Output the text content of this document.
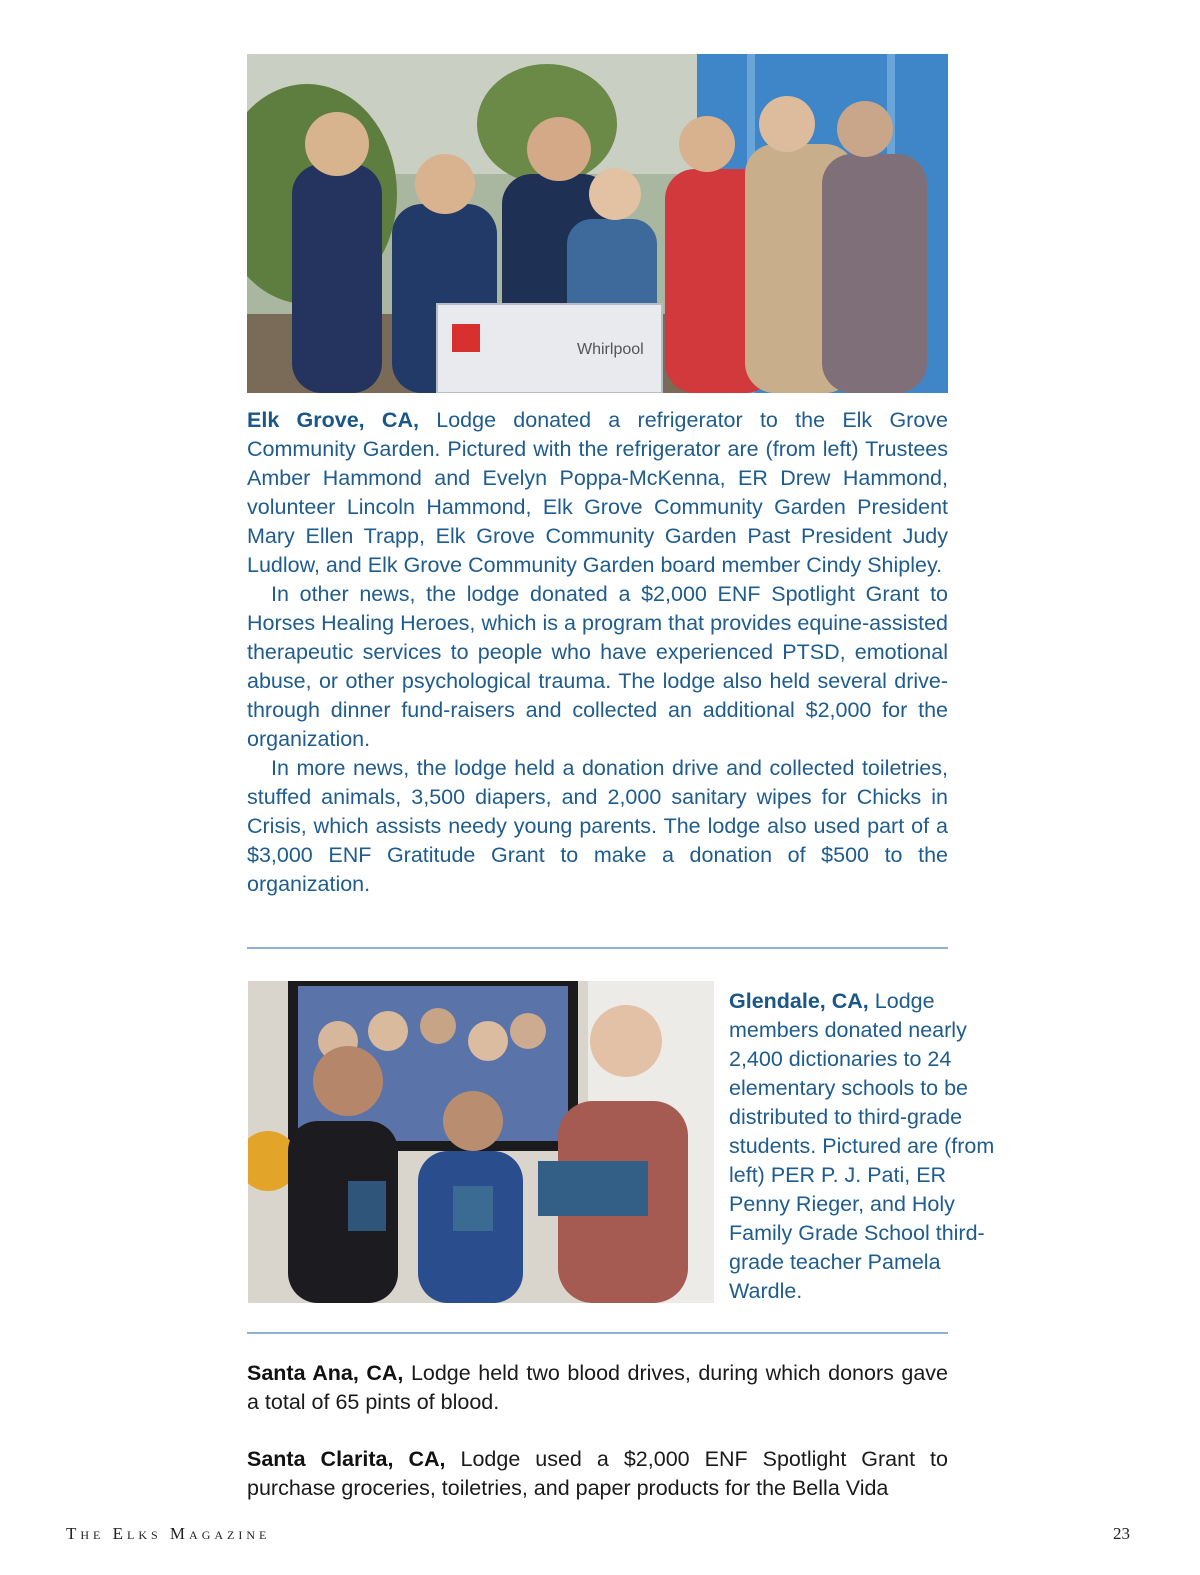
Whirlpool

Elk Grove, CA, Lodge donated a refrigerator to the Elk Grove Community Garden. Pictured with the refrigerator are (from left) Trustees Amber Hammond and Evelyn Poppa-McKenna, ER Drew Hammond, volunteer Lincoln Hammond, Elk Grove Community Garden President Mary Ellen Trapp, Elk Grove Community Garden Past President Judy Ludlow, and Elk Grove Community Garden board member Cindy Shipley.

In other news, the lodge donated a $2,000 ENF Spotlight Grant to Horses Healing Heroes, which is a program that provides equine-assisted therapeutic services to people who have experienced PTSD, emotional abuse, or other psychological trauma. The lodge also held several drive-through dinner fund-raisers and collected an additional $2,000 for the organization.

In more news, the lodge held a donation drive and collected toiletries, stuffed animals, 3,500 diapers, and 2,000 sanitary wipes for Chicks in Crisis, which assists needy young parents. The lodge also used part of a $3,000 ENF Gratitude Grant to make a donation of $500 to the organization.

Glendale, CA, Lodge members donated nearly 2,400 dictionaries to 24 elementary schools to be distributed to third-grade students. Pictured are (from left) PER P. J. Pati, ER Penny Rieger, and Holy Family Grade School third-grade teacher Pamela Wardle.

Santa Ana, CA, Lodge held two blood drives, during which donors gave a total of 65 pints of blood.
Santa Clarita, CA, Lodge used a $2,000 ENF Spotlight Grant to purchase groceries, toiletries, and paper products for the Bella Vida
The Elks Magazine	23
